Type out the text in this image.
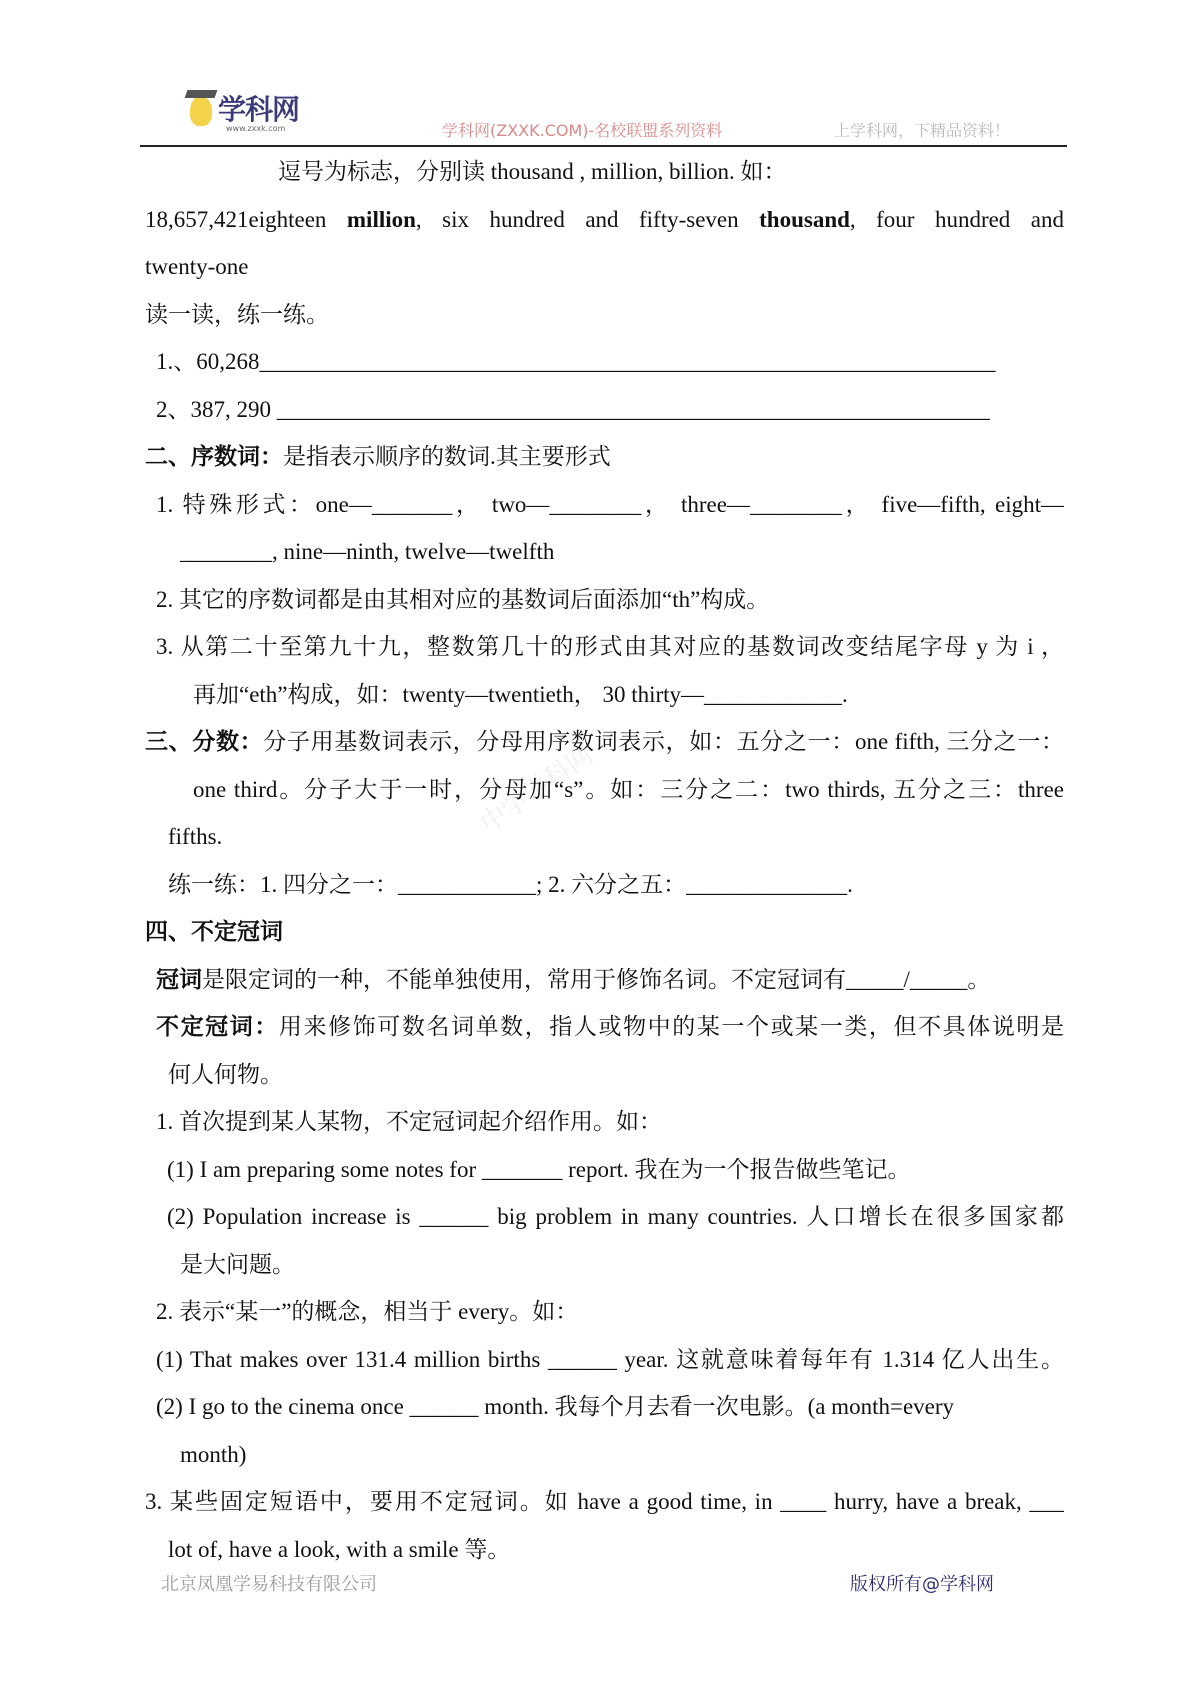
学科网
www.zxxk.com	学科网(ZXXK.COM)-名校联盟系列资料	上学科网，下精品资料！
中学学科网
逗号为标志，分别读 thousand , million, billion. 如：
18,657,421eighteen million, six hundred and fifty-seven thousand, four hundred and
twenty-one
读一读，练一练。
1.、60,268________________________________________________________________
2、387, 290 ______________________________________________________________
二、序数词：是指表示顺序的数词.其主要形式
1. 特殊形式：one—_______， two—________， three—________， five—fifth, eight—
________, nine—ninth, twelve—twelfth
2. 其它的序数词都是由其相对应的基数词后面添加“th”构成。
3. 从第二十至第九十九，整数第几十的形式由其对应的基数词改变结尾字母 y 为 i ，
再加“eth”构成，如：twenty—twentieth， 30 thirty—____________.
三、分数：分子用基数词表示，分母用序数词表示，如：五分之一：one fifth, 三分之一：
one third。分子大于一时，分母加“s”。如：三分之二：two thirds, 五分之三：three
fifths.
练一练：1. 四分之一：____________; 2. 六分之五：______________.
四、不定冠词
冠词是限定词的一种，不能单独使用，常用于修饰名词。不定冠词有_____/_____。
不定冠词：用来修饰可数名词单数，指人或物中的某一个或某一类，但不具体说明是
何人何物。
1. 首次提到某人某物，不定冠词起介绍作用。如：
(1) I am preparing some notes for _______ report. 我在为一个报告做些笔记。
(2) Population increase is ______ big problem in many countries. 人口增长在很多国家都
是大问题。
2. 表示“某一”的概念，相当于 every。如：
(1) That makes over 131.4 million births ______ year. 这就意味着每年有 1.314 亿人出生。
(2) I go to the cinema once ______ month. 我每个月去看一次电影。(a month=every
month)
3. 某些固定短语中，要用不定冠词。如 have a good time, in ____ hurry, have a break, ___
lot of, have a look, with a smile 等。
北京凤凰学易科技有限公司	版权所有@学科网
